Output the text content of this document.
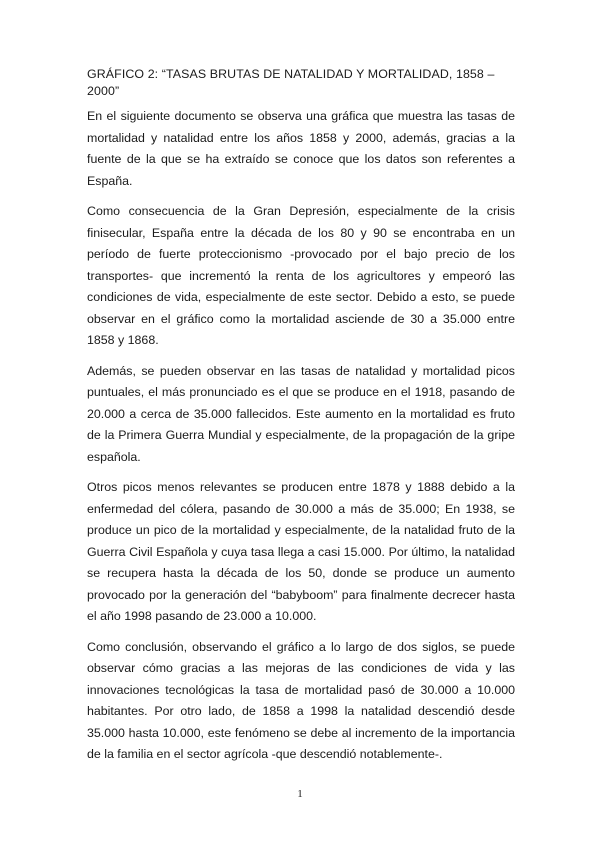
GRÁFICO 2: “TASAS BRUTAS DE NATALIDAD Y MORTALIDAD, 1858 – 2000”

En el siguiente documento se observa una gráfica que muestra las tasas de mortalidad y natalidad entre los años 1858 y 2000, además, gracias a la fuente de la que se ha extraído se conoce que los datos son referentes a España.

Como consecuencia de la Gran Depresión, especialmente de la crisis finisecular, España entre la década de los 80 y 90 se encontraba en un período de fuerte proteccionismo -provocado por el bajo precio de los transportes- que incrementó la renta de los agricultores y empeoró las condiciones de vida, especialmente de este sector. Debido a esto, se puede observar en el gráfico como la mortalidad asciende de 30 a 35.000 entre 1858 y 1868.

Además, se pueden observar en las tasas de natalidad y mortalidad picos puntuales, el más pronunciado es el que se produce en el 1918, pasando de 20.000 a cerca de 35.000 fallecidos. Este aumento en la mortalidad es fruto de la Primera Guerra Mundial y especialmente, de la propagación de la gripe española.

Otros picos menos relevantes se producen entre 1878 y 1888 debido a la enfermedad del cólera, pasando de 30.000 a más de 35.000; En 1938, se produce un pico de la mortalidad y especialmente, de la natalidad fruto de la Guerra Civil Española y cuya tasa llega a casi 15.000. Por último, la natalidad se recupera hasta la década de los 50, donde se produce un aumento provocado por la generación del “babyboom” para finalmente decrecer hasta el año 1998 pasando de 23.000 a 10.000.

Como conclusión, observando el gráfico a lo largo de dos siglos, se puede observar cómo gracias a las mejoras de las condiciones de vida y las innovaciones tecnológicas la tasa de mortalidad pasó de 30.000 a 10.000 habitantes. Por otro lado, de 1858 a 1998 la natalidad descendió desde 35.000 hasta 10.000, este fenómeno se debe al incremento de la importancia de la familia en el sector agrícola -que descendió notablemente-.

1
